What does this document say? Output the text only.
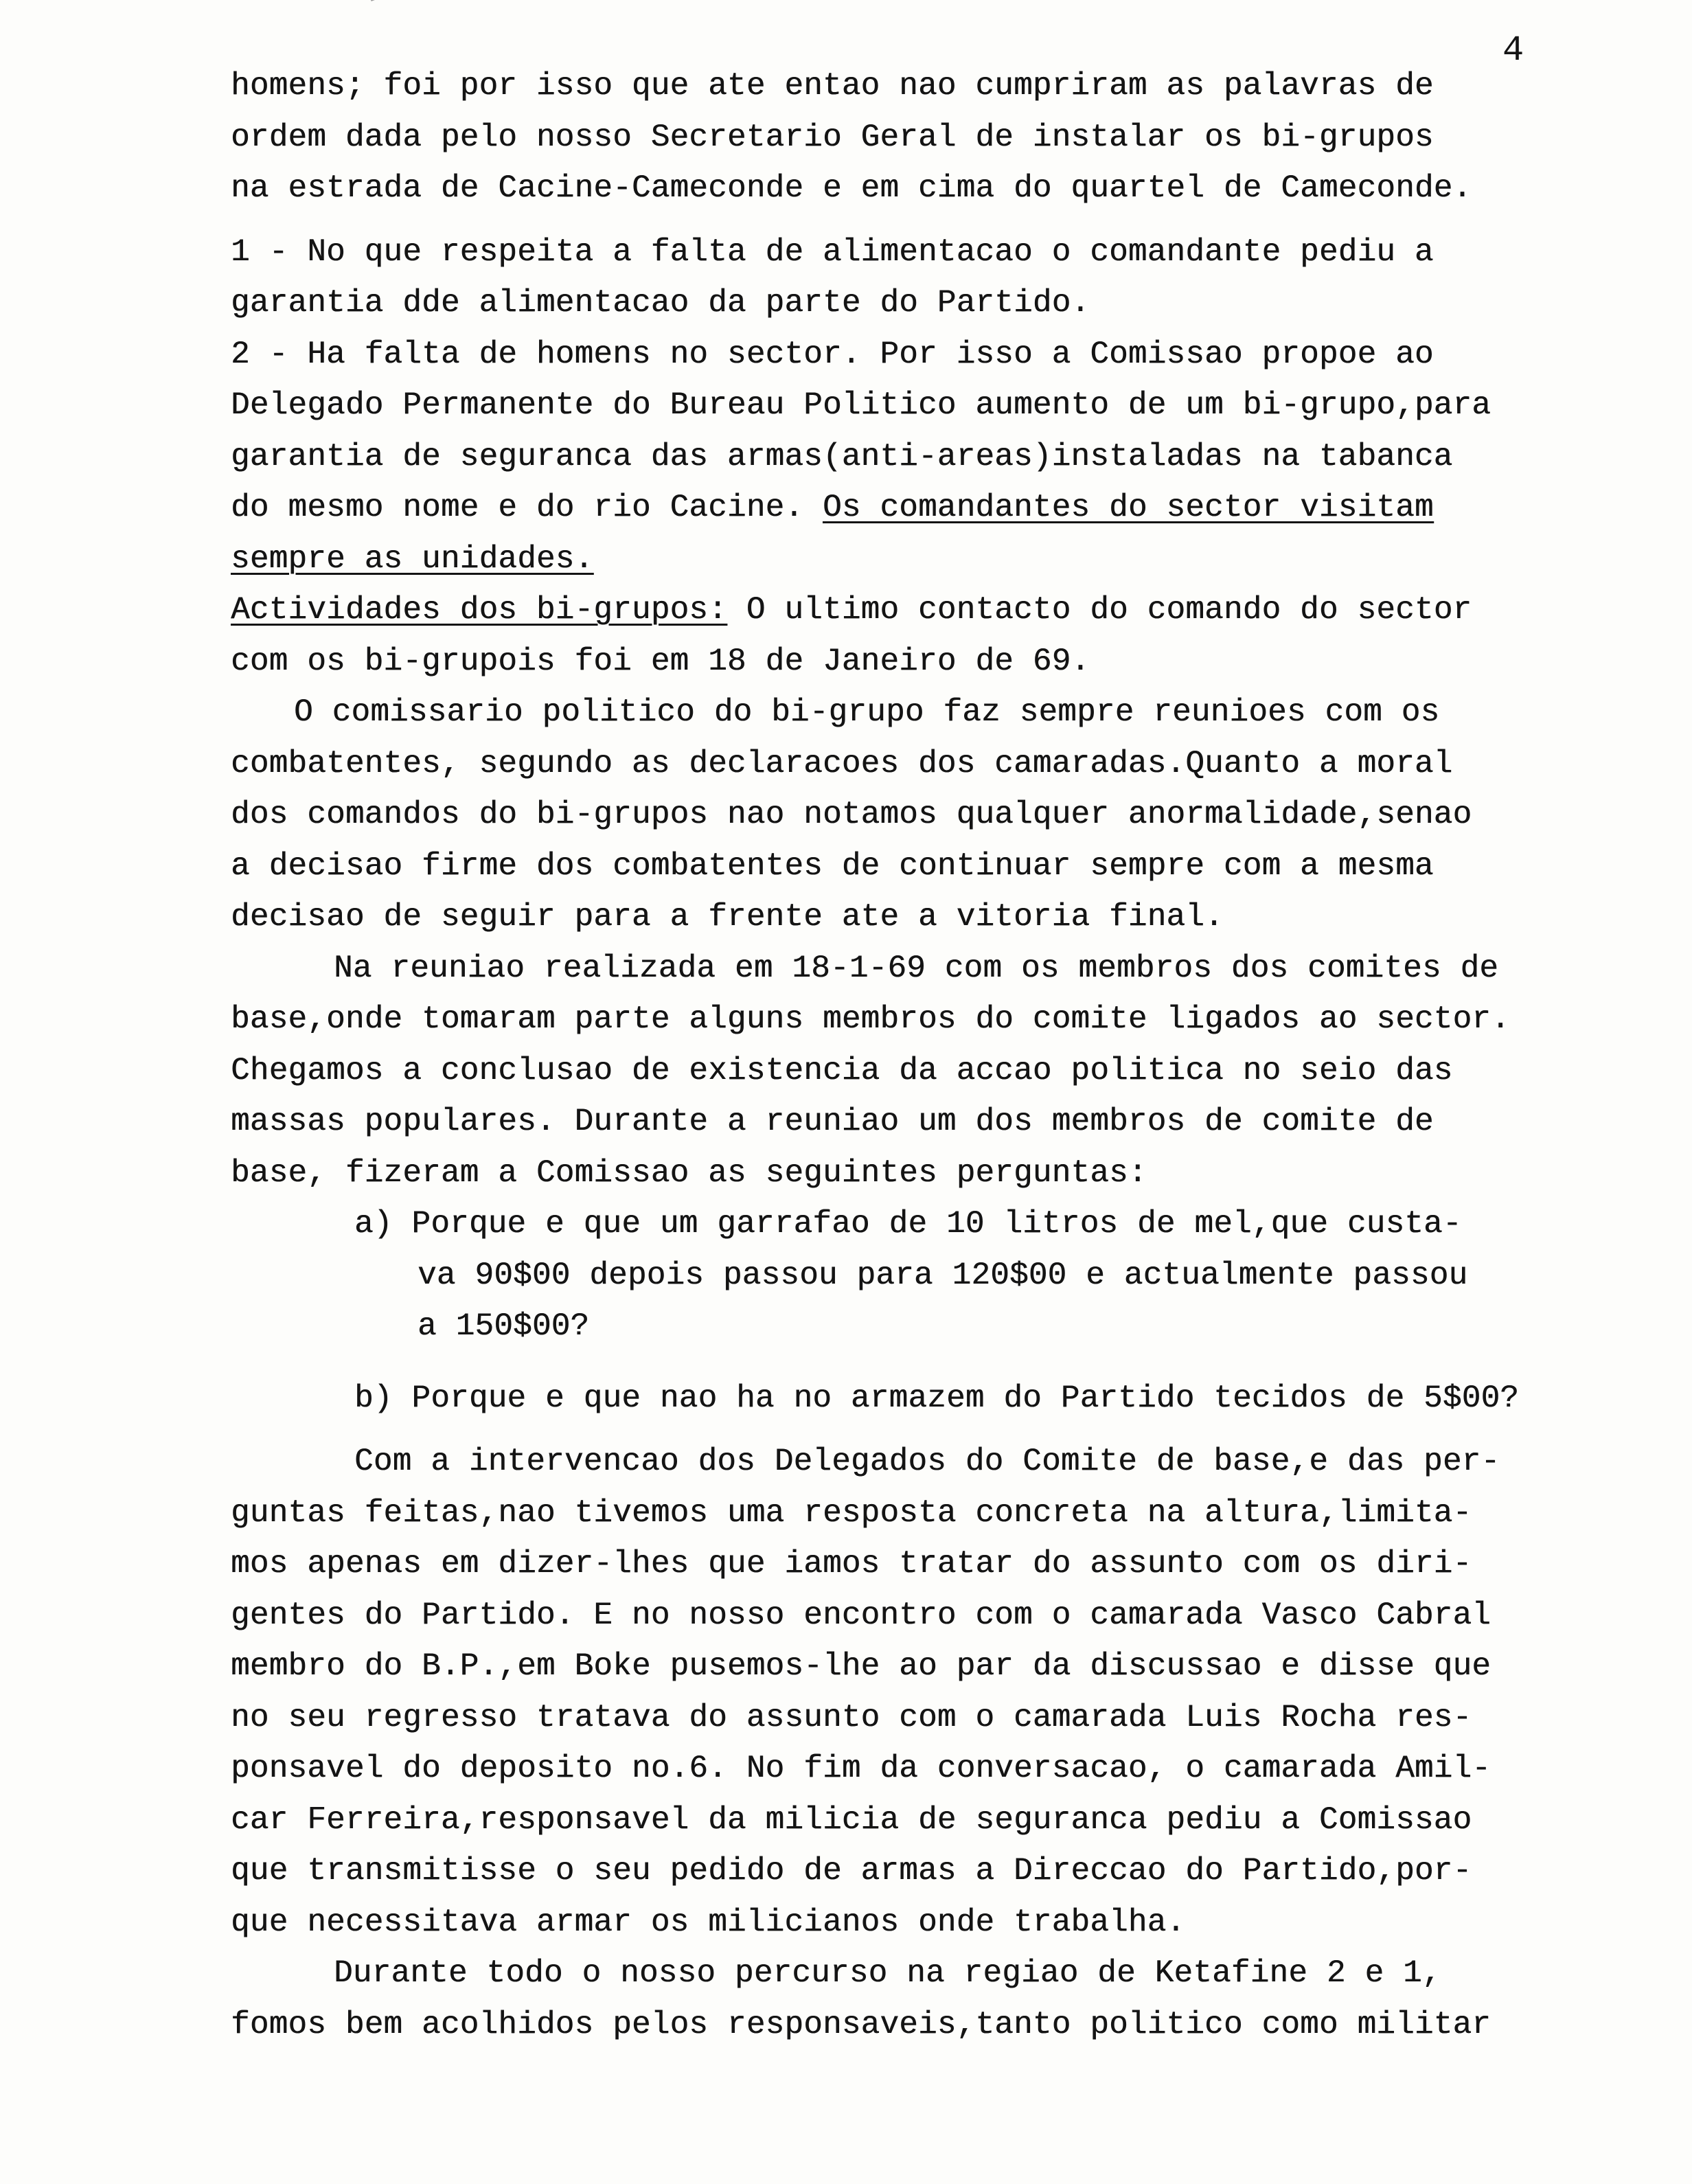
4
homens; foi por isso que ate entao nao cumpriram as palavras de
ordem dada pelo nosso Secretario Geral de instalar os bi-grupos
na estrada de Cacine-Cameconde e em cima do quartel de Cameconde.
1 - No que respeita a falta de alimentacao o comandante pediu a
garantia dde alimentacao da parte do Partido.
2 - Ha falta de homens no sector. Por isso a Comissao propoe ao
Delegado Permanente do Bureau Politico aumento de um bi-grupo,para
garantia de seguranca das armas(anti-areas)instaladas na tabanca
do mesmo nome e do rio Cacine. Os comandantes do sector visitam
sempre as unidades.
Actividades dos bi-grupos: O ultimo contacto do comando do sector
com os bi-grupois foi em 18 de Janeiro de 69.
O comissario politico do bi-grupo faz sempre reunioes com os
combatentes, segundo as declaracoes dos camaradas.Quanto a moral
dos comandos do bi-grupos nao notamos qualquer anormalidade,senao
a decisao firme dos combatentes de continuar sempre com a mesma
decisao de seguir para a frente ate a vitoria final.
Na reuniao realizada em 18-1-69 com os membros dos comites de
base,onde tomaram parte alguns membros do comite ligados ao sector.
Chegamos a conclusao de existencia da accao politica no seio das
massas populares. Durante a reuniao um dos membros de comite de
base, fizeram a Comissao as seguintes perguntas:
a) Porque e que um garrafao de 10 litros de mel,que custa-
va 90$00 depois passou para 120$00 e actualmente passou
a 150$00?
b) Porque e que nao ha no armazem do Partido tecidos de 5$00?
Com a intervencao dos Delegados do Comite de base,e das per-
guntas feitas,nao tivemos uma resposta concreta na altura,limita-
mos apenas em dizer-lhes que iamos tratar do assunto com os diri-
gentes do Partido. E no nosso encontro com o camarada Vasco Cabral
membro do B.P.,em Boke pusemos-lhe ao par da discussao e disse que
no seu regresso tratava do assunto com o camarada Luis Rocha res-
ponsavel do deposito no.6. No fim da conversacao, o camarada Amil-
car Ferreira,responsavel da milicia de seguranca pediu a Comissao
que transmitisse o seu pedido de armas a Direccao do Partido,por-
que necessitava armar os milicianos onde trabalha.
Durante todo o nosso percurso na regiao de Ketafine 2 e 1,
fomos bem acolhidos pelos responsaveis,tanto politico como militar
